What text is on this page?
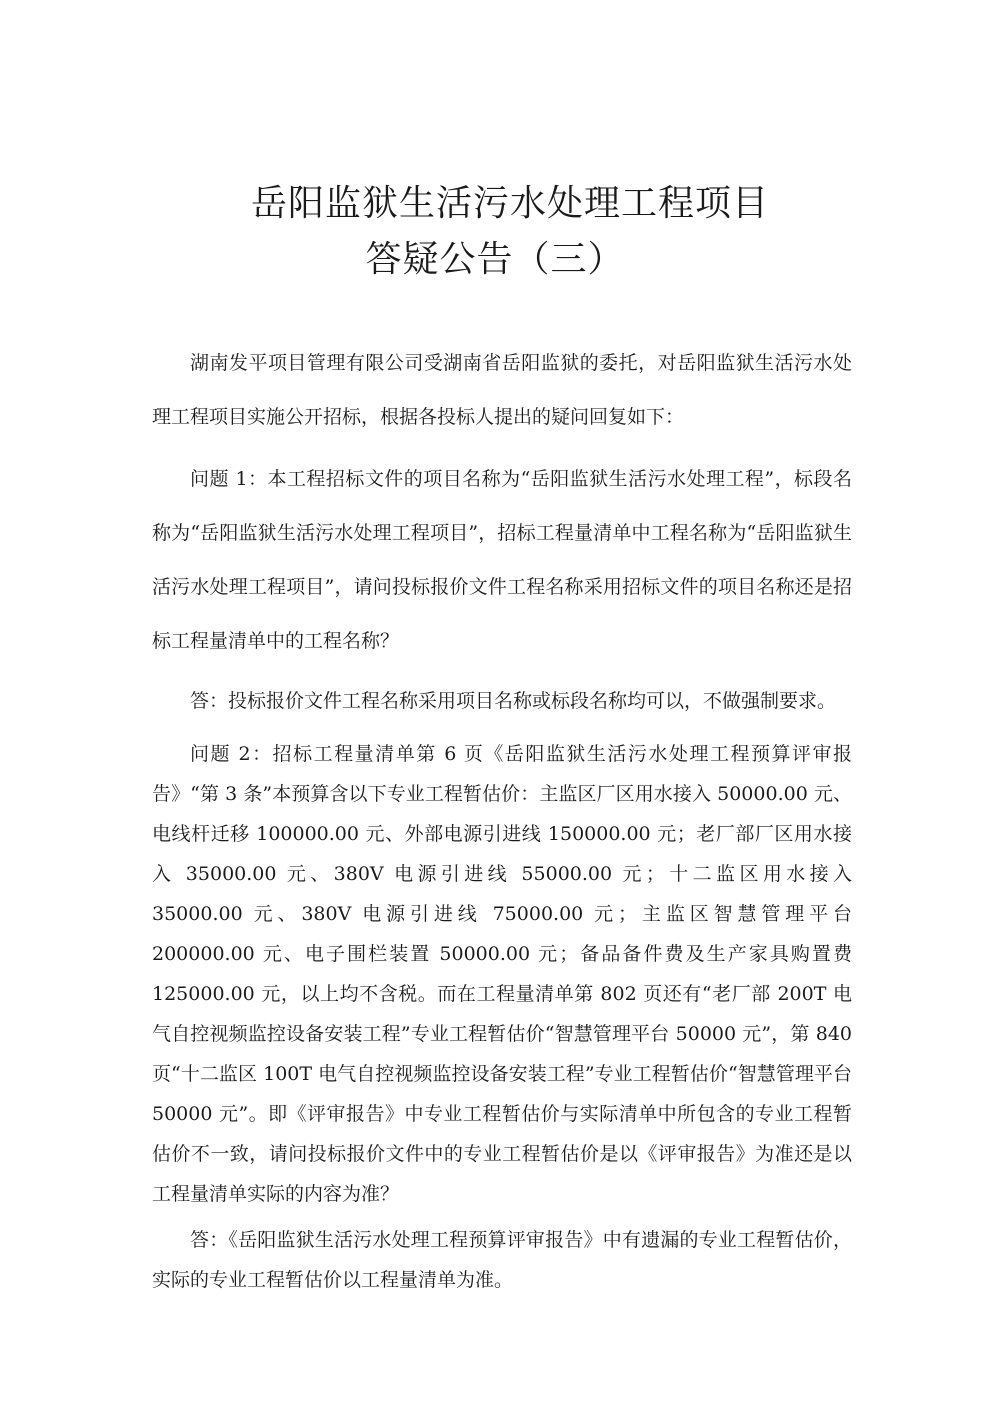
岳阳监狱生活污水处理工程项目
答疑公告（三）

湖南发平项目管理有限公司受湖南省岳阳监狱的委托，对岳阳监狱生活污水处理工程项目实施公开招标，根据各投标人提出的疑问回复如下：

问题 1：本工程招标文件的项目名称为“岳阳监狱生活污水处理工程”，标段名称为“岳阳监狱生活污水处理工程项目”，招标工程量清单中工程名称为“岳阳监狱生活污水处理工程项目”，请问投标报价文件工程名称采用招标文件的项目名称还是招标工程量清单中的工程名称？

答：投标报价文件工程名称采用项目名称或标段名称均可以，不做强制要求。

问题 2：招标工程量清单第 6 页《岳阳监狱生活污水处理工程预算评审报告》“第 3 条”本预算含以下专业工程暂估价：主监区厂区用水接入 50000.00 元、电线杆迁移 100000.00 元、外部电源引进线 150000.00 元；老厂部厂区用水接入 35000.00 元、380V 电源引进线 55000.00 元；十二监区用水接入 35000.00 元、380V 电源引进线 75000.00 元；主监区智慧管理平台 200000.00 元、电子围栏装置 50000.00 元；备品备件费及生产家具购置费 125000.00 元，以上均不含税。而在工程量清单第 802 页还有“老厂部 200T 电气自控视频监控设备安装工程”专业工程暂估价“智慧管理平台 50000 元”，第 840 页“十二监区 100T 电气自控视频监控设备安装工程”专业工程暂估价“智慧管理平台 50000 元”。即《评审报告》中专业工程暂估价与实际清单中所包含的专业工程暂估价不一致，请问投标报价文件中的专业工程暂估价是以《评审报告》为准还是以工程量清单实际的内容为准？

答：《岳阳监狱生活污水处理工程预算评审报告》中有遗漏的专业工程暂估价，实际的专业工程暂估价以工程量清单为准。
